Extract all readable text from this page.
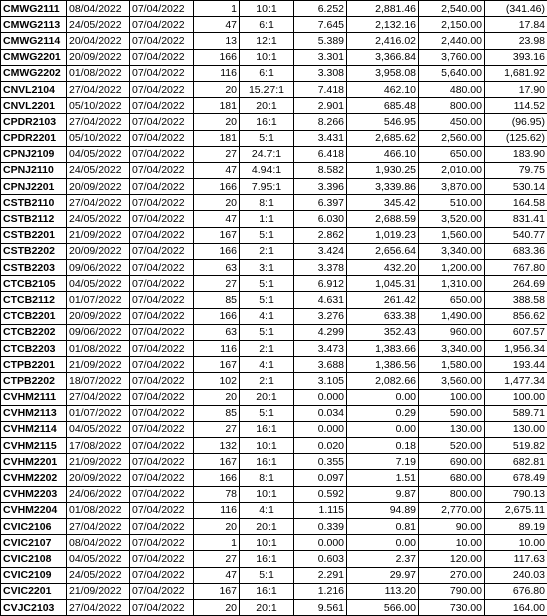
CMWG2111	08/04/2022	07/04/2022	1	10:1	6.252	2,881.46	2,540.00	(341.46)
CMWG2113	24/05/2022	07/04/2022	47	6:1	7.645	2,132.16	2,150.00	17.84
CMWG2114	20/04/2022	07/04/2022	13	12:1	5.389	2,416.02	2,440.00	23.98
CMWG2201	20/09/2022	07/04/2022	166	10:1	3.301	3,366.84	3,760.00	393.16
CMWG2202	01/08/2022	07/04/2022	116	6:1	3.308	3,958.08	5,640.00	1,681.92
CNVL2104	27/04/2022	07/04/2022	20	15.27:1	7.418	462.10	480.00	17.90
CNVL2201	05/10/2022	07/04/2022	181	20:1	2.901	685.48	800.00	114.52
CPDR2103	27/04/2022	07/04/2022	20	16:1	8.266	546.95	450.00	(96.95)
CPDR2201	05/10/2022	07/04/2022	181	5:1	3.431	2,685.62	2,560.00	(125.62)
CPNJ2109	04/05/2022	07/04/2022	27	24.7:1	6.418	466.10	650.00	183.90
CPNJ2110	24/05/2022	07/04/2022	47	4.94:1	8.582	1,930.25	2,010.00	79.75
CPNJ2201	20/09/2022	07/04/2022	166	7.95:1	3.396	3,339.86	3,870.00	530.14
CSTB2110	27/04/2022	07/04/2022	20	8:1	6.397	345.42	510.00	164.58
CSTB2112	24/05/2022	07/04/2022	47	1:1	6.030	2,688.59	3,520.00	831.41
CSTB2201	21/09/2022	07/04/2022	167	5:1	2.862	1,019.23	1,560.00	540.77
CSTB2202	20/09/2022	07/04/2022	166	2:1	3.424	2,656.64	3,340.00	683.36
CSTB2203	09/06/2022	07/04/2022	63	3:1	3.378	432.20	1,200.00	767.80
CTCB2105	04/05/2022	07/04/2022	27	5:1	6.912	1,045.31	1,310.00	264.69
CTCB2112	01/07/2022	07/04/2022	85	5:1	4.631	261.42	650.00	388.58
CTCB2201	20/09/2022	07/04/2022	166	4:1	3.276	633.38	1,490.00	856.62
CTCB2202	09/06/2022	07/04/2022	63	5:1	4.299	352.43	960.00	607.57
CTCB2203	01/08/2022	07/04/2022	116	2:1	3.473	1,383.66	3,340.00	1,956.34
CTPB2201	21/09/2022	07/04/2022	167	4:1	3.688	1,386.56	1,580.00	193.44
CTPB2202	18/07/2022	07/04/2022	102	2:1	3.105	2,082.66	3,560.00	1,477.34
CVHM2111	27/04/2022	07/04/2022	20	20:1	0.000	0.00	100.00	100.00
CVHM2113	01/07/2022	07/04/2022	85	5:1	0.034	0.29	590.00	589.71
CVHM2114	04/05/2022	07/04/2022	27	16:1	0.000	0.00	130.00	130.00
CVHM2115	17/08/2022	07/04/2022	132	10:1	0.020	0.18	520.00	519.82
CVHM2201	21/09/2022	07/04/2022	167	16:1	0.355	7.19	690.00	682.81
CVHM2202	20/09/2022	07/04/2022	166	8:1	0.097	1.51	680.00	678.49
CVHM2203	24/06/2022	07/04/2022	78	10:1	0.592	9.87	800.00	790.13
CVHM2204	01/08/2022	07/04/2022	116	4:1	1.115	94.89	2,770.00	2,675.11
CVIC2106	27/04/2022	07/04/2022	20	20:1	0.339	0.81	90.00	89.19
CVIC2107	08/04/2022	07/04/2022	1	10:1	0.000	0.00	10.00	10.00
CVIC2108	04/05/2022	07/04/2022	27	16:1	0.603	2.37	120.00	117.63
CVIC2109	24/05/2022	07/04/2022	47	5:1	2.291	29.97	270.00	240.03
CVIC2201	21/09/2022	07/04/2022	167	16:1	1.216	113.20	790.00	676.80
CVJC2103	27/04/2022	07/04/2022	20	20:1	9.561	566.00	730.00	164.00
